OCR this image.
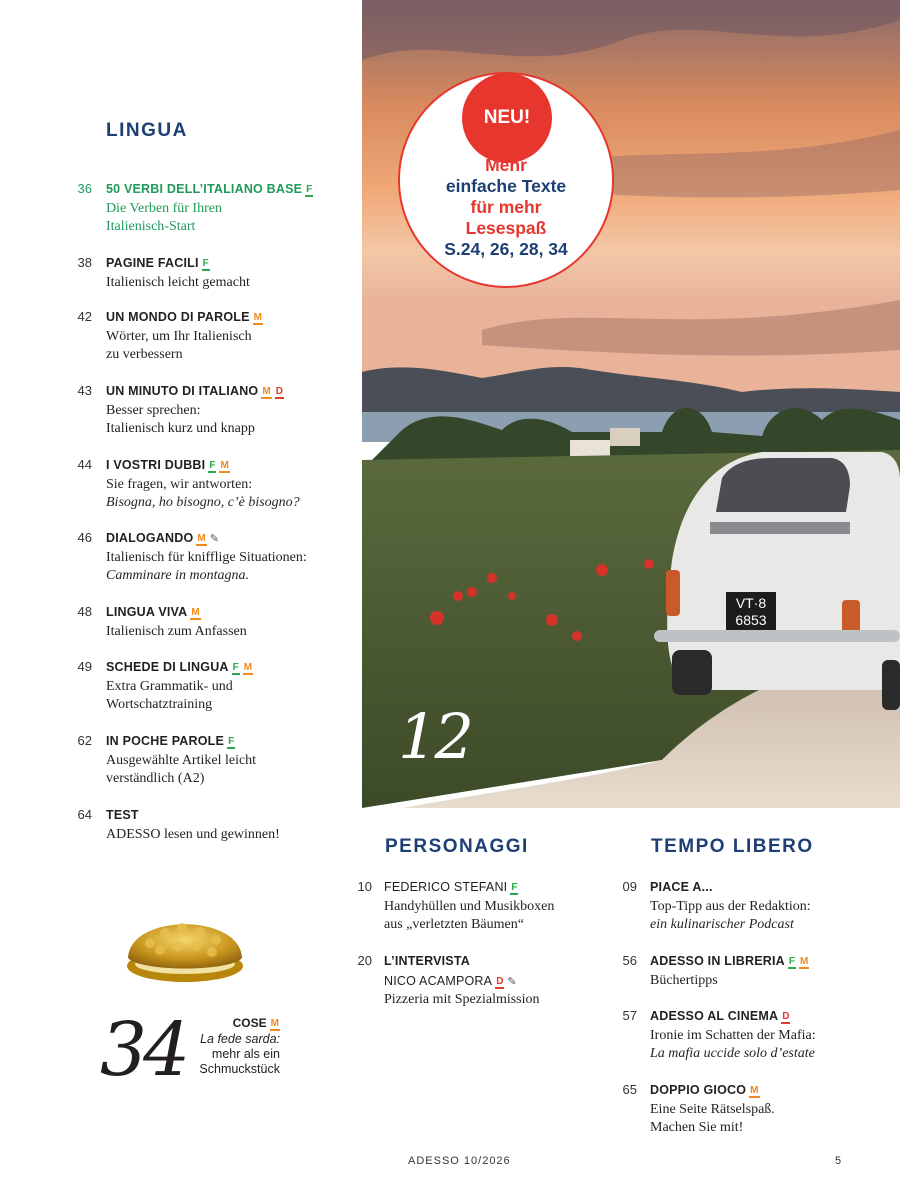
LINGUA
36 50 VERBI DELL’ITALIANO BASE F
Die Verben für Ihren
Italienisch-Start
38 PAGINE FACILI F
Italienisch leicht gemacht
42 UN MONDO DI PAROLE M
Wörter, um Ihr Italienisch
zu verbessern
43 UN MINUTO DI ITALIANO M D
Besser sprechen:
Italienisch kurz und knapp
44 I VOSTRI DUBBI F M
Sie fragen, wir antworten:
Bisogna, ho bisogno, c’è bisogno?
46 DIALOGANDO M ✎
Italienisch für knifflige Situationen:
Camminare in montagna.
48 LINGUA VIVA M
Italienisch zum Anfassen
49 SCHEDE DI LINGUA F M
Extra Grammatik- und
Wortschatztraining
62 IN POCHE PAROLE F
Ausgewählte Artikel leicht
verständlich (A2)
64 TEST
ADESSO lesen und gewinnen!
VT·8
6853
NEU!
Mehr
einfache Texte
für mehr
Lesespaß
S.24, 26, 28, 34
12
PERSONAGGI
10 FEDERICO STEFANI F
Handyhüllen und Musikboxen
aus „verletzten Bäumen“
20 L’INTERVISTA
NICO ACAMPORA D ✎
Pizzeria mit Spezialmission
TEMPO LIBERO
09 PIACE A...
Top-Tipp aus der Redaktion:
ein kulinarischer Podcast
56 ADESSO IN LIBRERIA F M
Büchertipps
57 ADESSO AL CINEMA D
Ironie im Schatten der Mafia:
La mafia uccide solo d’estate
65 DOPPIO GIOCO M
Eine Seite Rätselspaß.
Machen Sie mit!
34	COSE M
La fede sarda:
mehr als ein
Schmuckstück
ADESSO 10/2026	5
